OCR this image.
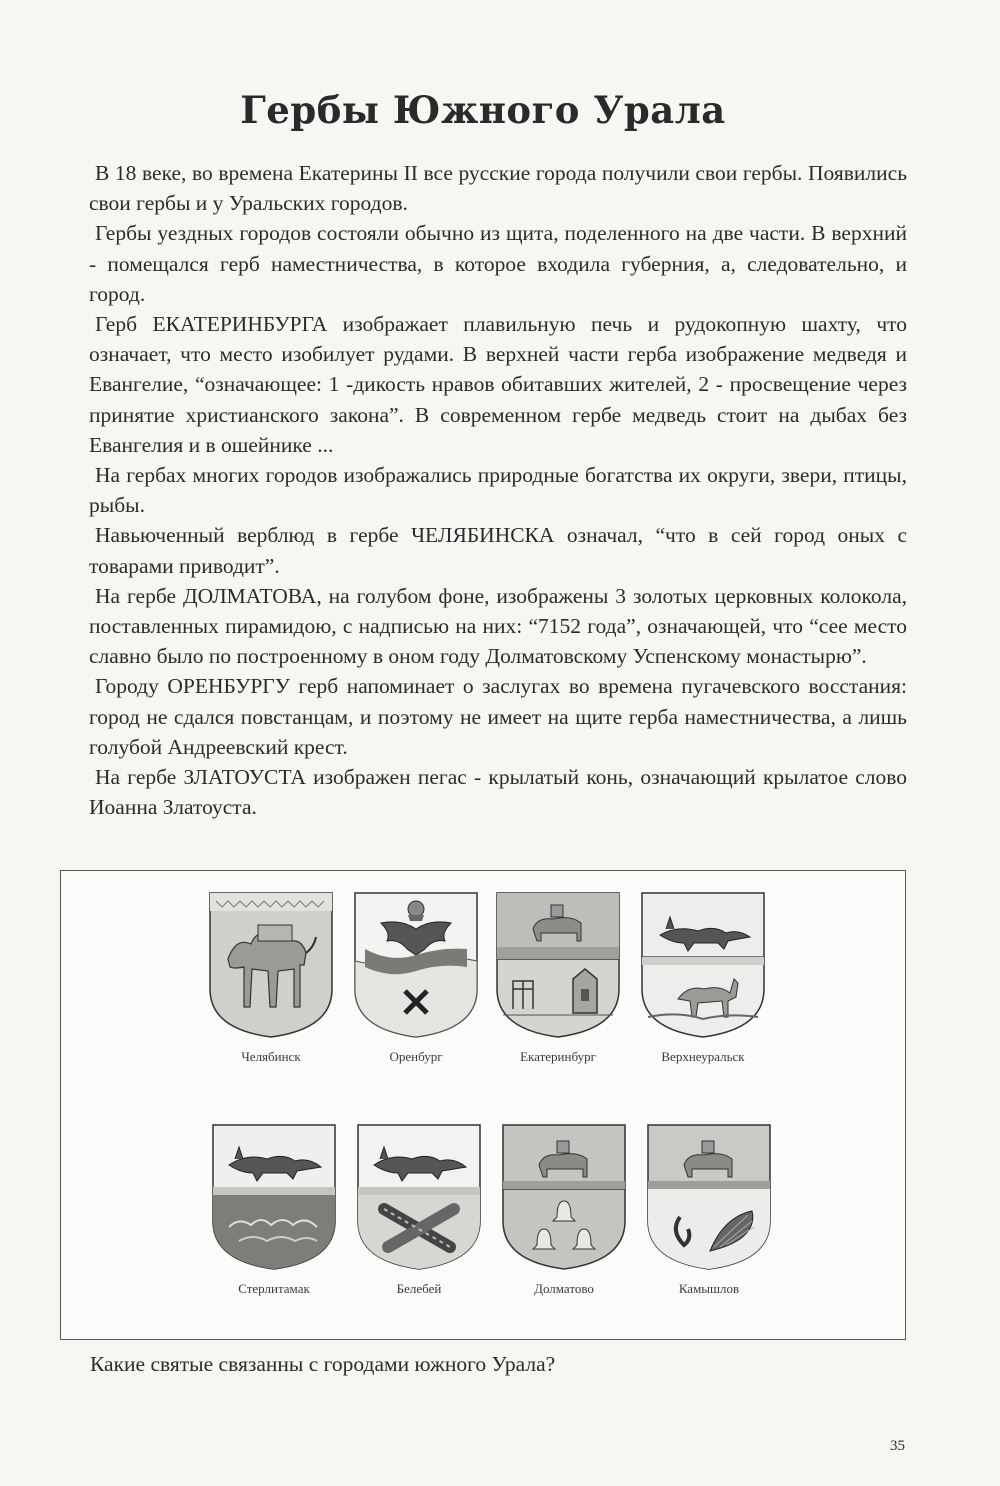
Гербы Южного Урала

В 18 веке, во времена Екатерины II все русские города получили свои гербы. Появились свои гербы и у Уральских городов.

Гербы уездных городов состояли обычно из щита, поделенного на две части. В верхний - помещался герб наместничества, в которое входила губерния, а, следовательно, и город.

Герб ЕКАТЕРИНБУРГА изображает плавильную печь и рудокопную шахту, что означает, что место изобилует рудами. В верхней части герба изображение медведя и Евангелие, “означающее: 1 -дикость нравов обитавших жителей, 2 - просвещение через принятие христианского закона”. В современном гербе медведь стоит на дыбах без Евангелия и в ошейнике ...

На гербах многих городов изображались природные богатства их округи, звери, птицы, рыбы.

Навьюченный верблюд в гербе ЧЕЛЯБИНСКА означал, “что в сей город оных с товарами приводит”.

На гербе ДОЛМАТОВА, на голубом фоне, изображены 3 золотых церковных колокола, поставленных пирамидою, с надписью на них: “7152 года”, означающей, что “сее место славно было по построенному в оном году Долматовскому Успенскому монастырю”.

Городу ОРЕНБУРГУ герб напоминает о заслугах во времена пугачевского восстания: город не сдался повстанцам, и поэтому не имеет на щите герба наместничества, а лишь голубой Андреевский крест.

На гербе ЗЛАТОУСТА изображен пегас - крылатый конь, означающий крылатое слово Иоанна Златоуста.

Челябинск	Оренбург	Екатеринбург	Верхнеуральск
Стерлитамак	Белебей	Долматово	Камышлов
Какие святые связанны с городами южного Урала?
35
